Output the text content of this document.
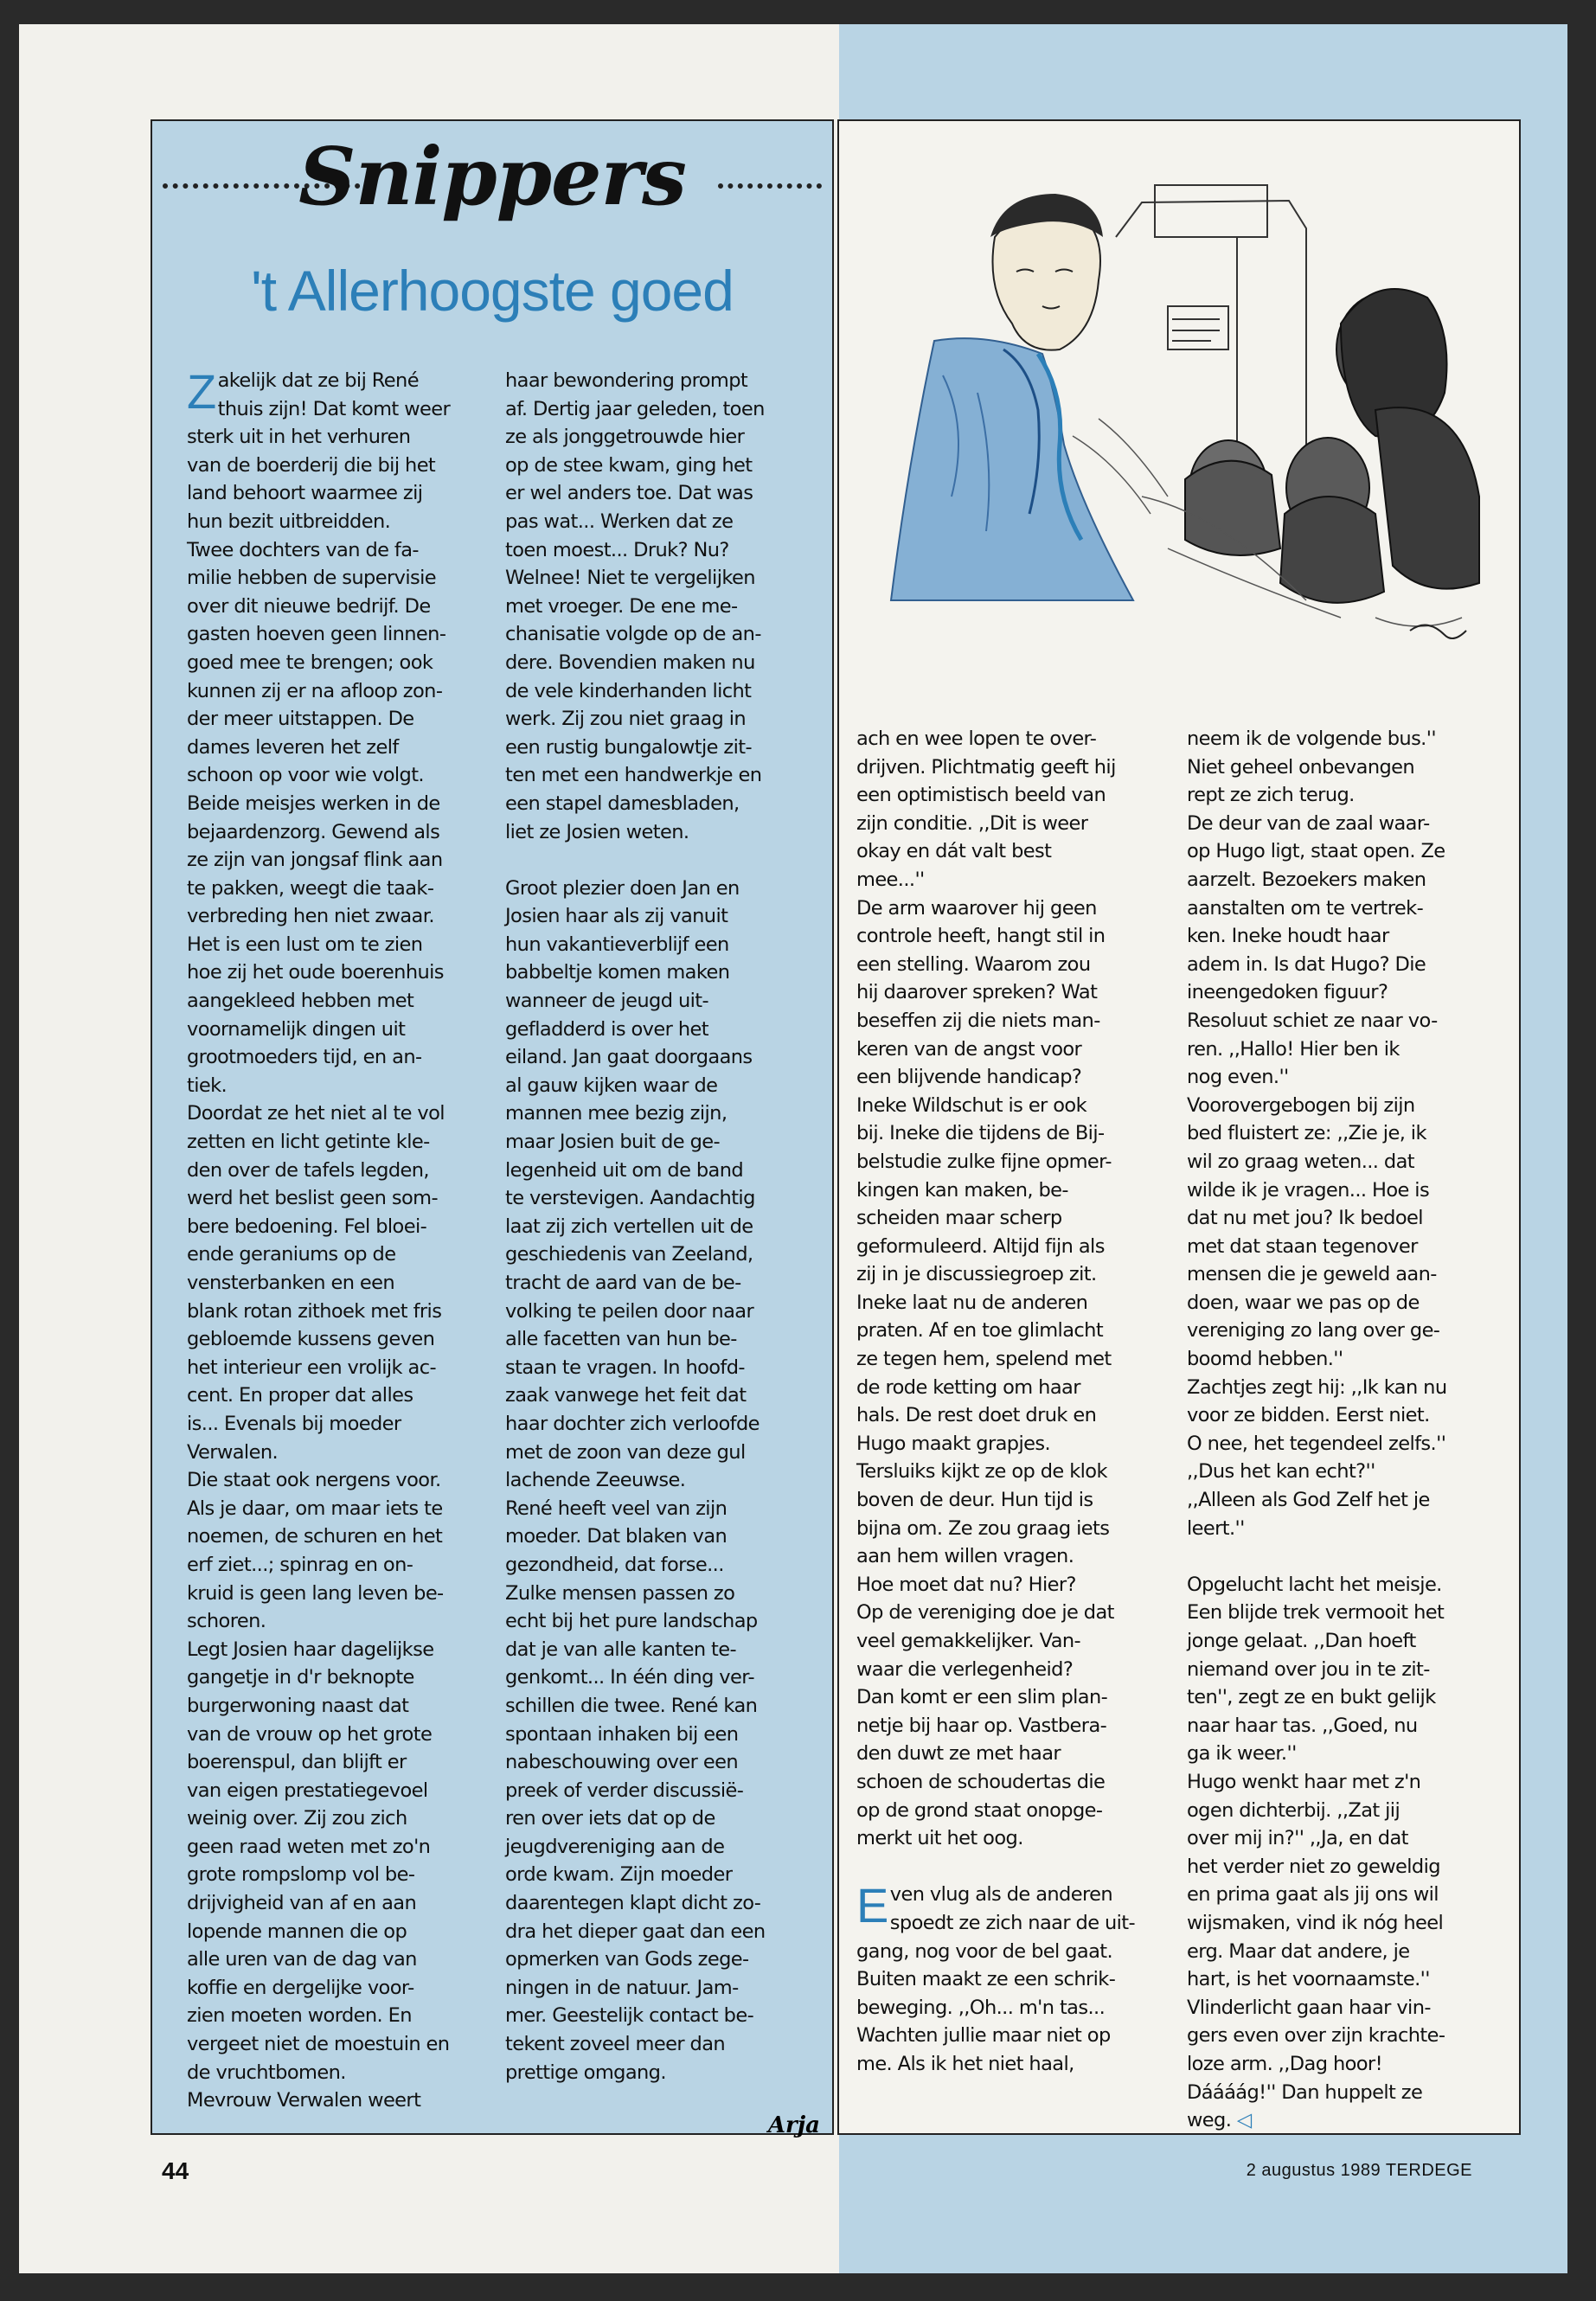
Snippers
't Allerhoogste goed
Zakelijk dat ze bij René
thuis zijn! Dat komt weer
sterk uit in het verhuren
van de boerderij die bij het
land behoort waarmee zij
hun bezit uitbreidden.
Twee dochters van de fa-
milie hebben de supervisie
over dit nieuwe bedrijf. De
gasten hoeven geen linnen-
goed mee te brengen; ook
kunnen zij er na afloop zon-
der meer uitstappen. De
dames leveren het zelf
schoon op voor wie volgt.
Beide meisjes werken in de
bejaardenzorg. Gewend als
ze zijn van jongsaf flink aan
te pakken, weegt die taak-
verbreding hen niet zwaar.
Het is een lust om te zien
hoe zij het oude boerenhuis
aangekleed hebben met
voornamelijk dingen uit
grootmoeders tijd, en an-
tiek.
Doordat ze het niet al te vol
zetten en licht getinte kle-
den over de tafels legden,
werd het beslist geen som-
bere bedoening. Fel bloei-
ende geraniums op de
vensterbanken en een
blank rotan zithoek met fris
gebloemde kussens geven
het interieur een vrolijk ac-
cent. En proper dat alles
is... Evenals bij moeder
Verwalen.
Die staat ook nergens voor.
Als je daar, om maar iets te
noemen, de schuren en het
erf ziet...; spinrag en on-
kruid is geen lang leven be-
schoren.
Legt Josien haar dagelijkse
gangetje in d'r beknopte
burgerwoning naast dat
van de vrouw op het grote
boerenspul, dan blijft er
van eigen prestatiegevoel
weinig over. Zij zou zich
geen raad weten met zo'n
grote rompslomp vol be-
drijvigheid van af en aan
lopende mannen die op
alle uren van de dag van
koffie en dergelijke voor-
zien moeten worden. En
vergeet niet de moestuin en
de vruchtbomen.
Mevrouw Verwalen weert
haar bewondering prompt
af. Dertig jaar geleden, toen
ze als jonggetrouwde hier
op de stee kwam, ging het
er wel anders toe. Dat was
pas wat... Werken dat ze
toen moest... Druk? Nu?
Welnee! Niet te vergelijken
met vroeger. De ene me-
chanisatie volgde op de an-
dere. Bovendien maken nu
de vele kinderhanden licht
werk. Zij zou niet graag in
een rustig bungalowtje zit-
ten met een handwerkje en
een stapel damesbladen,
liet ze Josien weten.

Groot plezier doen Jan en
Josien haar als zij vanuit
hun vakantieverblijf een
babbeltje komen maken
wanneer de jeugd uit-
gefladderd is over het
eiland. Jan gaat doorgaans
al gauw kijken waar de
mannen mee bezig zijn,
maar Josien buit de ge-
legenheid uit om de band
te verstevigen. Aandachtig
laat zij zich vertellen uit de
geschiedenis van Zeeland,
tracht de aard van de be-
volking te peilen door naar
alle facetten van hun be-
staan te vragen. In hoofd-
zaak vanwege het feit dat
haar dochter zich verloofde
met de zoon van deze gul
lachende Zeeuwse.
René heeft veel van zijn
moeder. Dat blaken van
gezondheid, dat forse...
Zulke mensen passen zo
echt bij het pure landschap
dat je van alle kanten te-
genkomt... In één ding ver-
schillen die twee. René kan
spontaan inhaken bij een
nabeschouwing over een
preek of verder discussië-
ren over iets dat op de
jeugdvereniging aan de
orde kwam. Zijn moeder
daarentegen klapt dicht zo-
dra het dieper gaat dan een
opmerken van Gods zege-
ningen in de natuur. Jam-
mer. Geestelijk contact be-
tekent zoveel meer dan
prettige omgang.
Arja
ach en wee lopen te over-
drijven. Plichtmatig geeft hij
een optimistisch beeld van
zijn conditie. ,,Dit is weer
okay en dát valt best
mee...''
De arm waarover hij geen
controle heeft, hangt stil in
een stelling. Waarom zou
hij daarover spreken? Wat
beseffen zij die niets man-
keren van de angst voor
een blijvende handicap?
Ineke Wildschut is er ook
bij. Ineke die tijdens de Bij-
belstudie zulke fijne opmer-
kingen kan maken, be-
scheiden maar scherp
geformuleerd. Altijd fijn als
zij in je discussiegroep zit.
Ineke laat nu de anderen
praten. Af en toe glimlacht
ze tegen hem, spelend met
de rode ketting om haar
hals. De rest doet druk en
Hugo maakt grapjes.
Tersluiks kijkt ze op de klok
boven de deur. Hun tijd is
bijna om. Ze zou graag iets
aan hem willen vragen.
Hoe moet dat nu? Hier?
Op de vereniging doe je dat
veel gemakkelijker. Van-
waar die verlegenheid?
Dan komt er een slim plan-
netje bij haar op. Vastbera-
den duwt ze met haar
schoen de schoudertas die
op de grond staat onopge-
merkt uit het oog.

E ven vlug als de anderen
spoedt ze zich naar de uit-
gang, nog voor de bel gaat.
Buiten maakt ze een schrik-
beweging. ,,Oh... m'n tas...
Wachten jullie maar niet op
me. Als ik het niet haal,
neem ik de volgende bus.''
Niet geheel onbevangen
rept ze zich terug.
De deur van de zaal waar-
op Hugo ligt, staat open. Ze
aarzelt. Bezoekers maken
aanstalten om te vertrek-
ken. Ineke houdt haar
adem in. Is dat Hugo? Die
ineengedoken figuur?
Resoluut schiet ze naar vo-
ren. ,,Hallo! Hier ben ik
nog even.''
Voorovergebogen bij zijn
bed fluistert ze: ,,Zie je, ik
wil zo graag weten... dat
wilde ik je vragen... Hoe is
dat nu met jou? Ik bedoel
met dat staan tegenover
mensen die je geweld aan-
doen, waar we pas op de
vereniging zo lang over ge-
boomd hebben.''
Zachtjes zegt hij: ,,Ik kan nu
voor ze bidden. Eerst niet.
O nee, het tegendeel zelfs.''
,,Dus het kan echt?''
,,Alleen als God Zelf het je
leert.''

Opgelucht lacht het meisje.
Een blijde trek vermooit het
jonge gelaat. ,,Dan hoeft
niemand over jou in te zit-
ten'', zegt ze en bukt gelijk
naar haar tas. ,,Goed, nu
ga ik weer.''
Hugo wenkt haar met z'n
ogen dichterbij. ,,Zat jij
over mij in?'' ,,Ja, en dat
het verder niet zo geweldig
en prima gaat als jij ons wil
wijsmaken, vind ik nóg heel
erg. Maar dat andere, je
hart, is het voornaamste.''
Vlinderlicht gaan haar vin-
gers even over zijn krachte-
loze arm. ,,Dag hoor!
Dáááág!'' Dan huppelt ze
weg. ◁
44	2 augustus 1989 TERDEGE
